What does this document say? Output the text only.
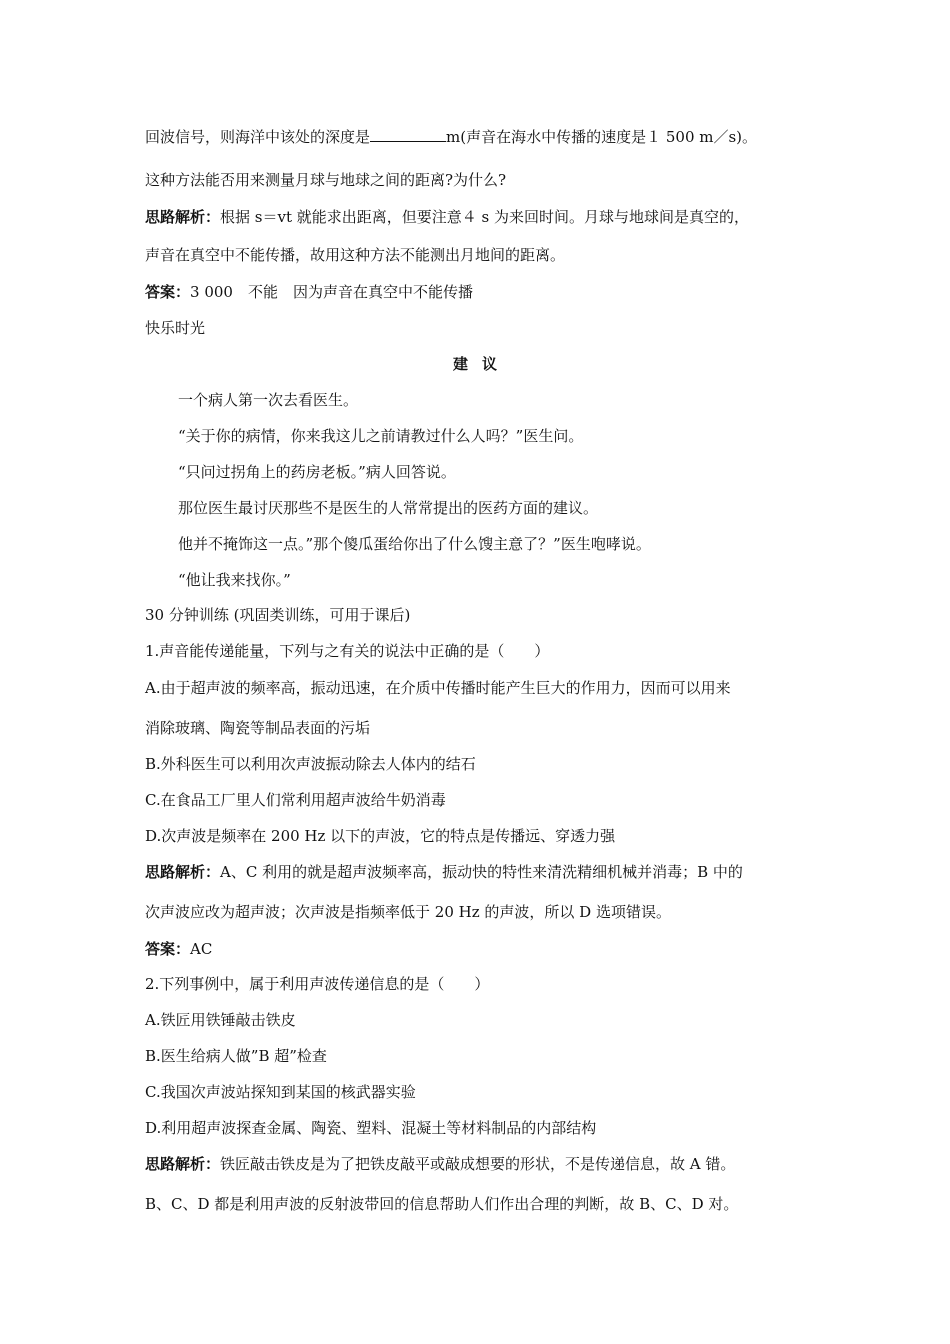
回波信号，则海洋中该处的深度是	m(声音在海水中传播的速度是１ 500 m／s)。
这种方法能否用来测量月球与地球之间的距离?为什么?
思路解析：根据 s＝vt 就能求出距离，但要注意４ s 为来回时间。月球与地球间是真空的，
声音在真空中不能传播，故用这种方法不能测出月地间的距离。
答案：3 000　不能　因为声音在真空中不能传播
快乐时光
建议
一个病人第一次去看医生。
“关于你的病情，你来我这儿之前请教过什么人吗？”医生问。
“只问过拐角上的药房老板。”病人回答说。
那位医生最讨厌那些不是医生的人常常提出的医药方面的建议。
他并不掩饰这一点。”那个傻瓜蛋给你出了什么馊主意了？”医生咆哮说。
“他让我来找你。”
30 分钟训练 (巩固类训练，可用于课后)
1.声音能传递能量，下列与之有关的说法中正确的是（　　）
A.由于超声波的频率高，振动迅速，在介质中传播时能产生巨大的作用力，因而可以用来
消除玻璃、陶瓷等制品表面的污垢
B.外科医生可以利用次声波振动除去人体内的结石
C.在食品工厂里人们常利用超声波给牛奶消毒
D.次声波是频率在 200 Hz 以下的声波，它的特点是传播远、穿透力强
思路解析：A、C 利用的就是超声波频率高，振动快的特性来清洗精细机械并消毒；B 中的
次声波应改为超声波；次声波是指频率低于 20 Hz 的声波，所以 D 选项错误。
答案：AC
2.下列事例中，属于利用声波传递信息的是（　　）
A.铁匠用铁锤敲击铁皮
B.医生给病人做”B 超”检查
C.我国次声波站探知到某国的核武器实验
D.利用超声波探查金属、陶瓷、塑料、混凝土等材料制品的内部结构
思路解析：铁匠敲击铁皮是为了把铁皮敲平或敲成想要的形状，不是传递信息，故 A 错。
B、C、D 都是利用声波的反射波带回的信息帮助人们作出合理的判断，故 B、C、D 对。
